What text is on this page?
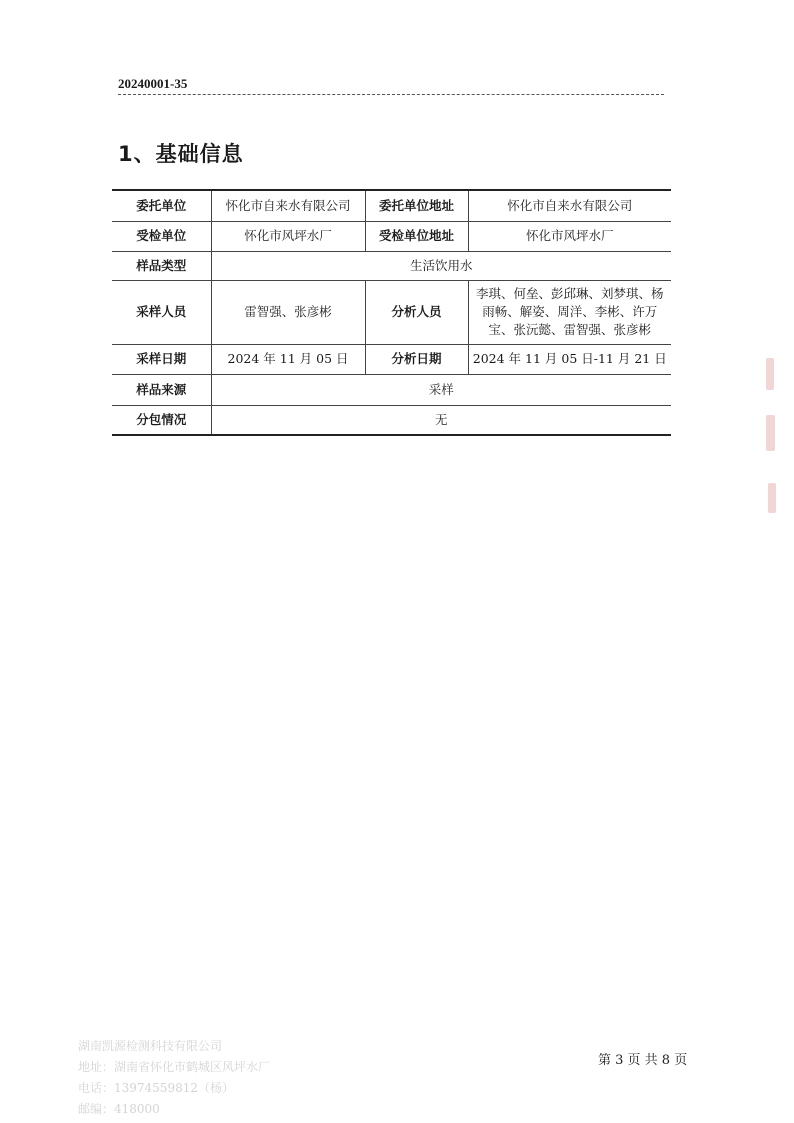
20240001-35
1、基础信息
委托单位	怀化市自来水有限公司	委托单位地址	怀化市自来水有限公司
受检单位	怀化市风坪水厂	受检单位地址	怀化市风坪水厂
样品类型	生活饮用水		
采样人员	雷智强、张彦彬	分析人员	李琪、何垒、彭邱琳、刘梦琪、杨雨畅、解姿、周洋、李彬、许万宝、张沅懿、雷智强、张彦彬
采样日期	2024 年 11 月 05 日	分析日期	2024 年 11 月 05 日-11 月 21 日
样品来源	采样		
分包情况	无		
湖南凯源检测科技有限公司
地址：湖南省怀化市鹤城区风坪水厂
电话：13974559812（杨）
邮编：418000
第 3 页 共 8 页
